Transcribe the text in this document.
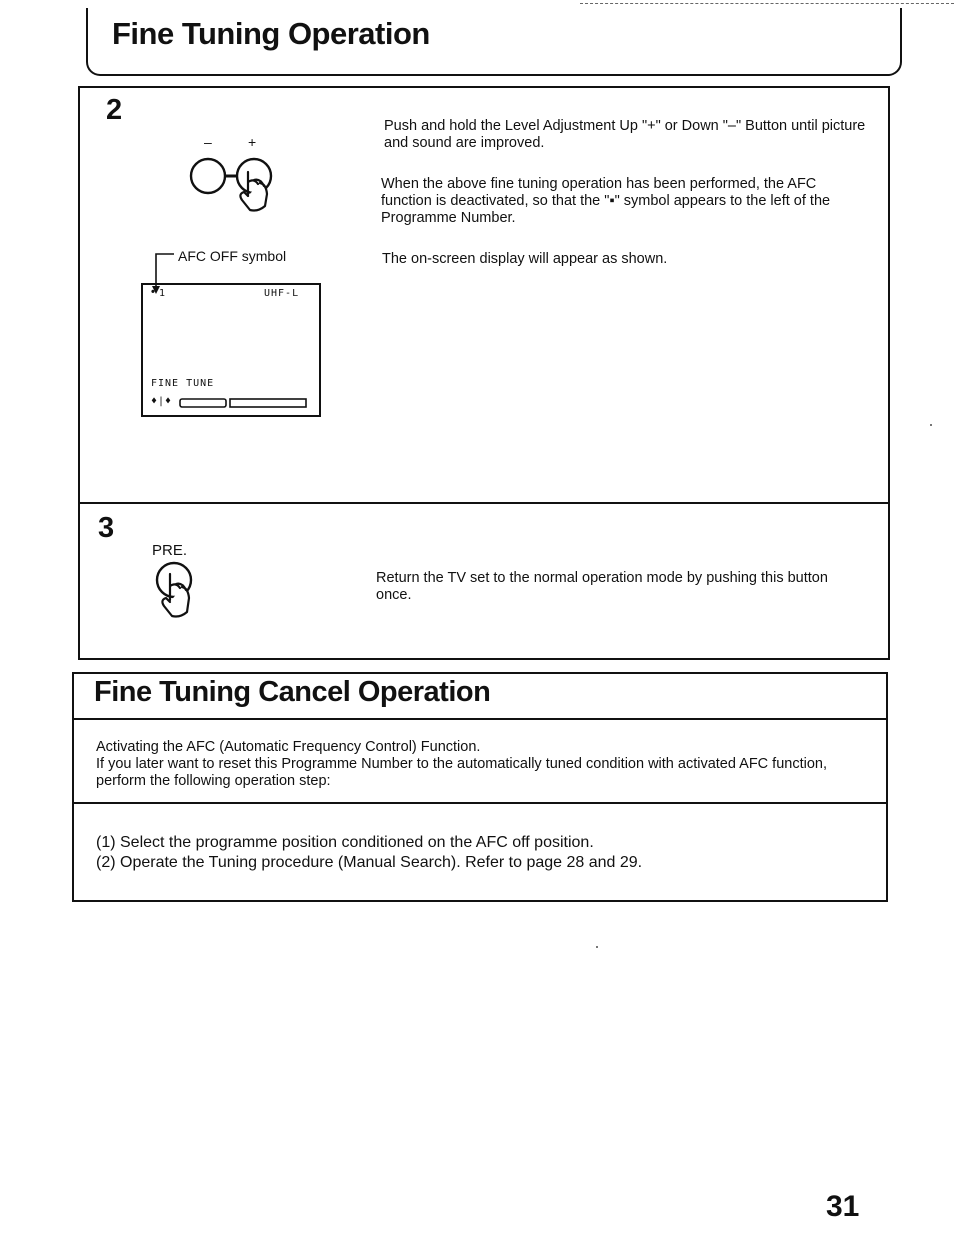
Fine Tuning Operation
2
–	+
AFC OFF symbol
• 1	UHF-L
FINE TUNE
♦|♦
Push and hold the Level Adjustment Up "+" or Down "–" Button until picture and sound are improved.
When the above fine tuning operation has been performed, the AFC function is deactivated, so that the "▪" symbol appears to the left of the Programme Number.
The on-screen display will appear as shown.
3
PRE.
Return the TV set to the normal operation mode by pushing this button once.
Fine Tuning Cancel Operation
Activating the AFC (Automatic Frequency Control) Function.
If you later want to reset this Programme Number to the automatically tuned condition with activated AFC function, perform the following operation step:
(1) Select the programme position conditioned on the AFC off position.
(2) Operate the Tuning procedure (Manual Search). Refer to page 28 and 29.
31
